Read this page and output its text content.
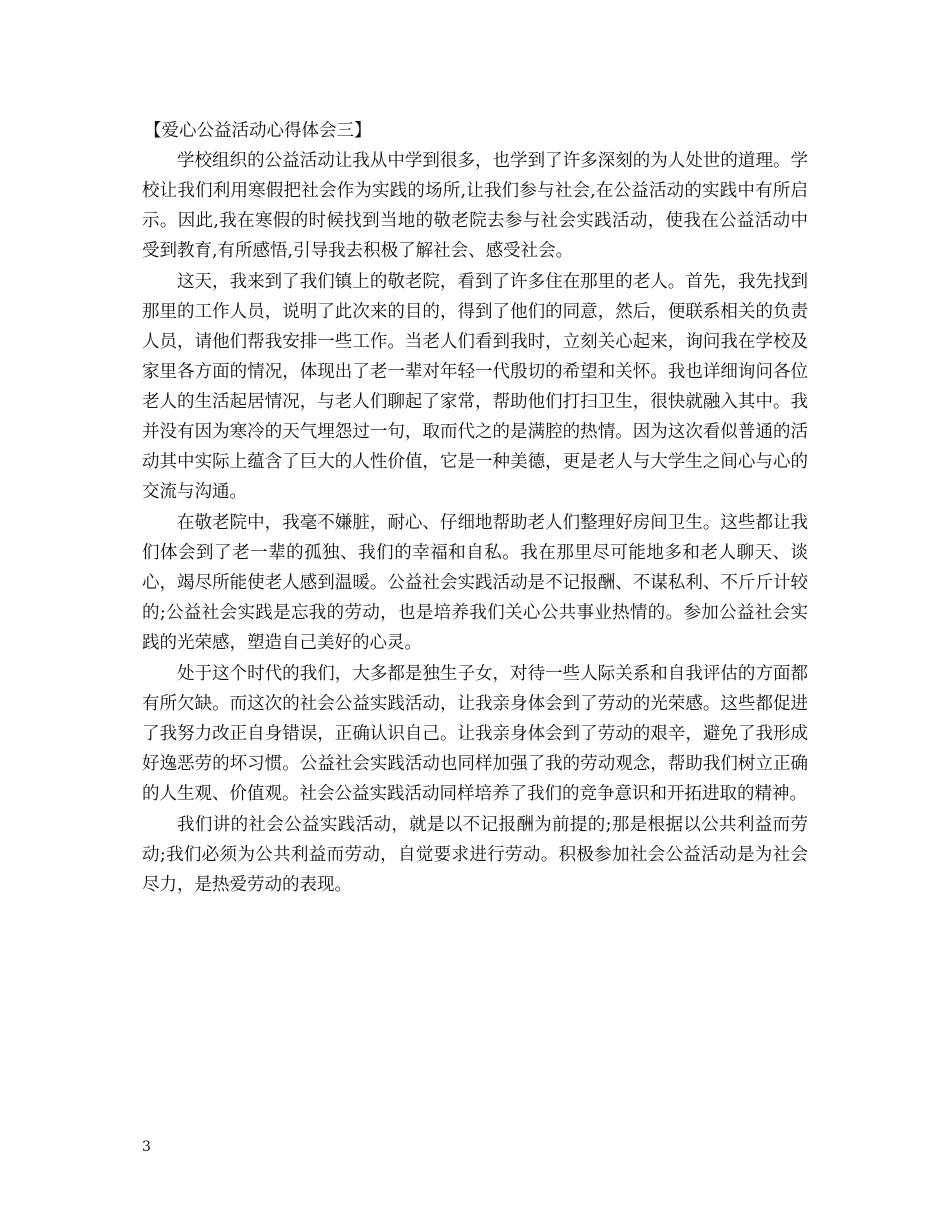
【爱心公益活动心得体会三】

学校组织的公益活动让我从中学到很多，也学到了许多深刻的为人处世的道理。学校让我们利用寒假把社会作为实践的场所,让我们参与社会,在公益活动的实践中有所启示。因此,我在寒假的时候找到当地的敬老院去参与社会实践活动，使我在公益活动中受到教育,有所感悟,引导我去积极了解社会、感受社会。

这天，我来到了我们镇上的敬老院，看到了许多住在那里的老人。首先，我先找到那里的工作人员，说明了此次来的目的，得到了他们的同意，然后，便联系相关的负责人员，请他们帮我安排一些工作。当老人们看到我时，立刻关心起来，询问我在学校及家里各方面的情况，体现出了老一辈对年轻一代殷切的希望和关怀。我也详细询问各位老人的生活起居情况，与老人们聊起了家常，帮助他们打扫卫生，很快就融入其中。我并没有因为寒冷的天气埋怨过一句，取而代之的是满腔的热情。因为这次看似普通的活动其中实际上蕴含了巨大的人性价值，它是一种美德，更是老人与大学生之间心与心的交流与沟通。

在敬老院中，我毫不嫌脏，耐心、仔细地帮助老人们整理好房间卫生。这些都让我们体会到了老一辈的孤独、我们的幸福和自私。我在那里尽可能地多和老人聊天、谈心，竭尽所能使老人感到温暖。公益社会实践活动是不记报酬、不谋私利、不斤斤计较的;公益社会实践是忘我的劳动，也是培养我们关心公共事业热情的。参加公益社会实践的光荣感，塑造自己美好的心灵。

处于这个时代的我们，大多都是独生子女，对待一些人际关系和自我评估的方面都有所欠缺。而这次的社会公益实践活动，让我亲身体会到了劳动的光荣感。这些都促进了我努力改正自身错误，正确认识自己。让我亲身体会到了劳动的艰辛，避免了我形成好逸恶劳的坏习惯。公益社会实践活动也同样加强了我的劳动观念，帮助我们树立正确的人生观、价值观。社会公益实践活动同样培养了我们的竞争意识和开拓进取的精神。

我们讲的社会公益实践活动，就是以不记报酬为前提的;那是根据以公共利益而劳动;我们必须为公共利益而劳动，自觉要求进行劳动。积极参加社会公益活动是为社会尽力，是热爱劳动的表现。

3
